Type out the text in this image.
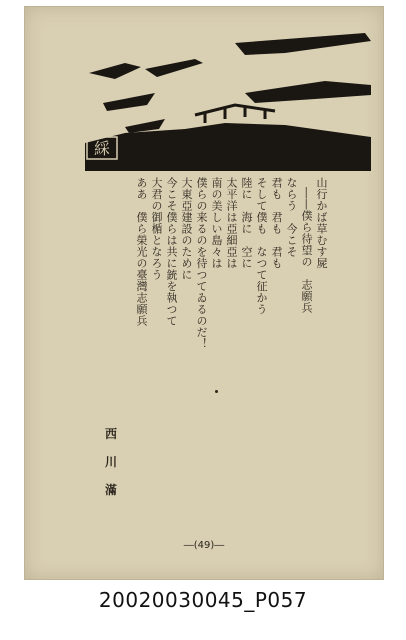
綵
山行かば草むす屍
――僕ら待望の　志願兵
ならう　今こそ
君も　君も　君も
そして僕も　なつて征かう
陸に　海に　空に
太平洋は亞細亞は
南の美しい島々は
僕らの来るのを待つてゐるのだ！
大東亞建設のために
今こそ僕らは共に銃を執つて
大君の御楯となろう
ああ　僕ら榮光の臺灣志願兵
西
川
滿
―(49)―
20020030045_P057
